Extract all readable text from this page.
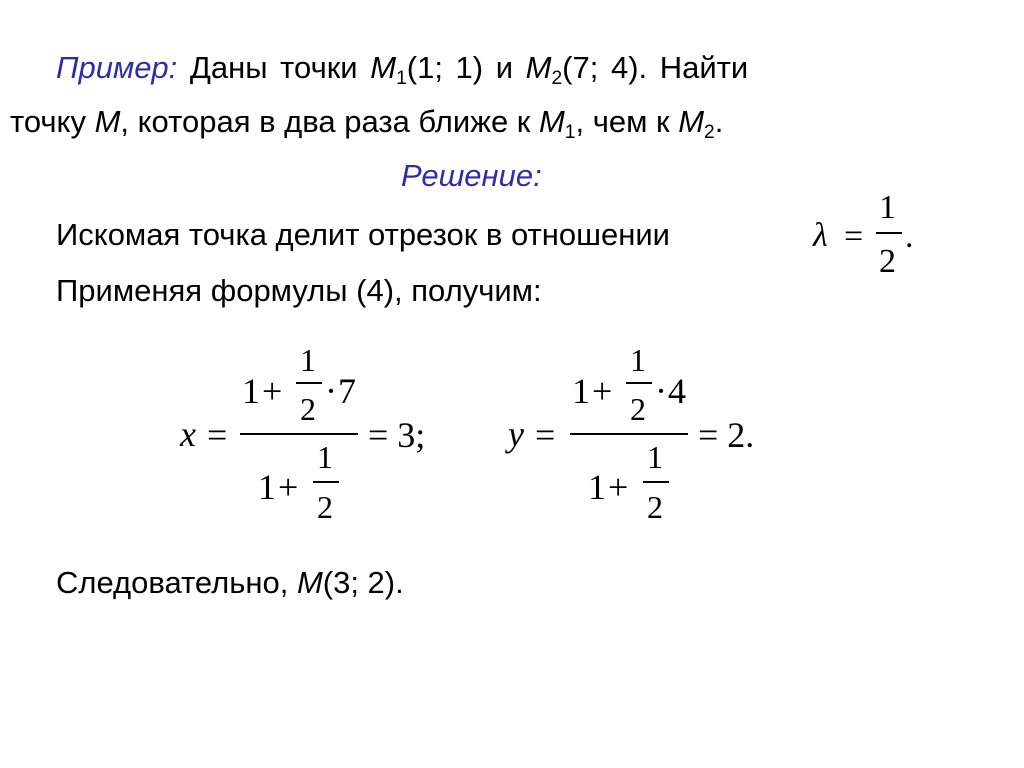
Пример: Даны точки $M_1(1$; 1) и $M_2(7$; 4). Найти
точку M, которая в два раза ближе к $M_1$, чем к $M_2$.
Решение:
Искомая точка делит отрезок в отношении	λ =
1
2
.
Применяя формулы (4), получим:
x =
1 +
1
2 · 7
1 +
1
2
= 3; y =
1 +
1
2 · 4
1 +
1
2
= 2.
Следовательно, M(3; 2).
